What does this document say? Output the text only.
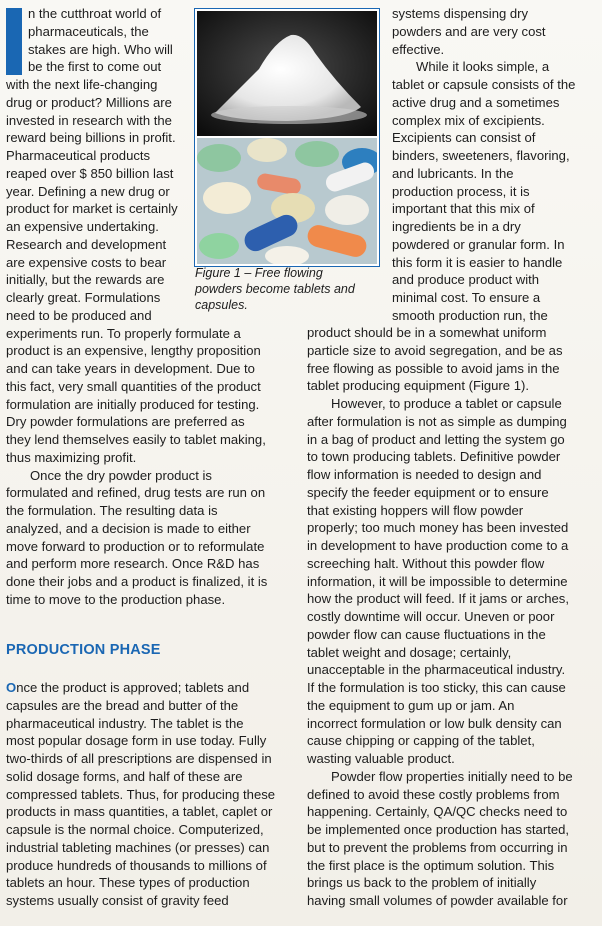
n the cutthroat world of
pharmaceuticals, the
stakes are high. Who will
be the first to come out
with the next life-changing
drug or product? Millions are
invested in research with the
reward being billions in profit.
Pharmaceutical products
reaped over $ 850 billion last
year. Defining a new drug or
product for market is certainly
an expensive undertaking.
Research and development
are expensive costs to bear
initially, but the rewards are
clearly great. Formulations
need to be produced and
experiments run. To properly formulate a
product is an expensive, lengthy proposition
and can take years in development. Due to
this fact, very small quantities of the product
formulation are initially produced for testing.
Dry powder formulations are preferred as
they lend themselves easily to tablet making,
thus maximizing profit.
Once the dry powder product is
formulated and refined, drug tests are run on
the formulation. The resulting data is
analyzed, and a decision is made to either
move forward to production or to reformulate
and perform more research. Once R&D has
done their jobs and a product is finalized, it is
time to move to the production phase.
Figure 1 – Free flowing
powders become tablets and
capsules.
systems dispensing dry
powders and are very cost
effective.
While it looks simple, a
tablet or capsule consists of the
active drug and a sometimes
complex mix of excipients.
Excipients can consist of
binders, sweeteners, flavoring,
and lubricants. In the
production process, it is
important that this mix of
ingredients be in a dry
powdered or granular form. In
this form it is easier to handle
and produce product with
minimal cost. To ensure a
smooth production run, the
product should be in a somewhat uniform
particle size to avoid segregation, and be as
free flowing as possible to avoid jams in the
tablet producing equipment (Figure 1).
However, to produce a tablet or capsule
after formulation is not as simple as dumping
in a bag of product and letting the system go
to town producing tablets. Definitive powder
flow information is needed to design and
specify the feeder equipment or to ensure
that existing hoppers will flow powder
properly; too much money has been invested
in development to have production come to a
screeching halt. Without this powder flow
information, it will be impossible to determine
how the product will feed. If it jams or arches,
costly downtime will occur. Uneven or poor
powder flow can cause fluctuations in the
tablet weight and dosage; certainly,
unacceptable in the pharmaceutical industry.
If the formulation is too sticky, this can cause
the equipment to gum up or jam. An
incorrect formulation or low bulk density can
cause chipping or capping of the tablet,
wasting valuable product.
Powder flow properties initially need to be
defined to avoid these costly problems from
happening. Certainly, QA/QC checks need to
be implemented once production has started,
but to prevent the problems from occurring in
the first place is the optimum solution. This
brings us back to the problem of initially
having small volumes of powder available for
PRODUCTION PHASE
Once the product is approved; tablets and
capsules are the bread and butter of the
pharmaceutical industry. The tablet is the
most popular dosage form in use today. Fully
two-thirds of all prescriptions are dispensed in
solid dosage forms, and half of these are
compressed tablets. Thus, for producing these
products in mass quantities, a tablet, caplet or
capsule is the normal choice. Computerized,
industrial tableting machines (or presses) can
produce hundreds of thousands to millions of
tablets an hour. These types of production
systems usually consist of gravity feed
